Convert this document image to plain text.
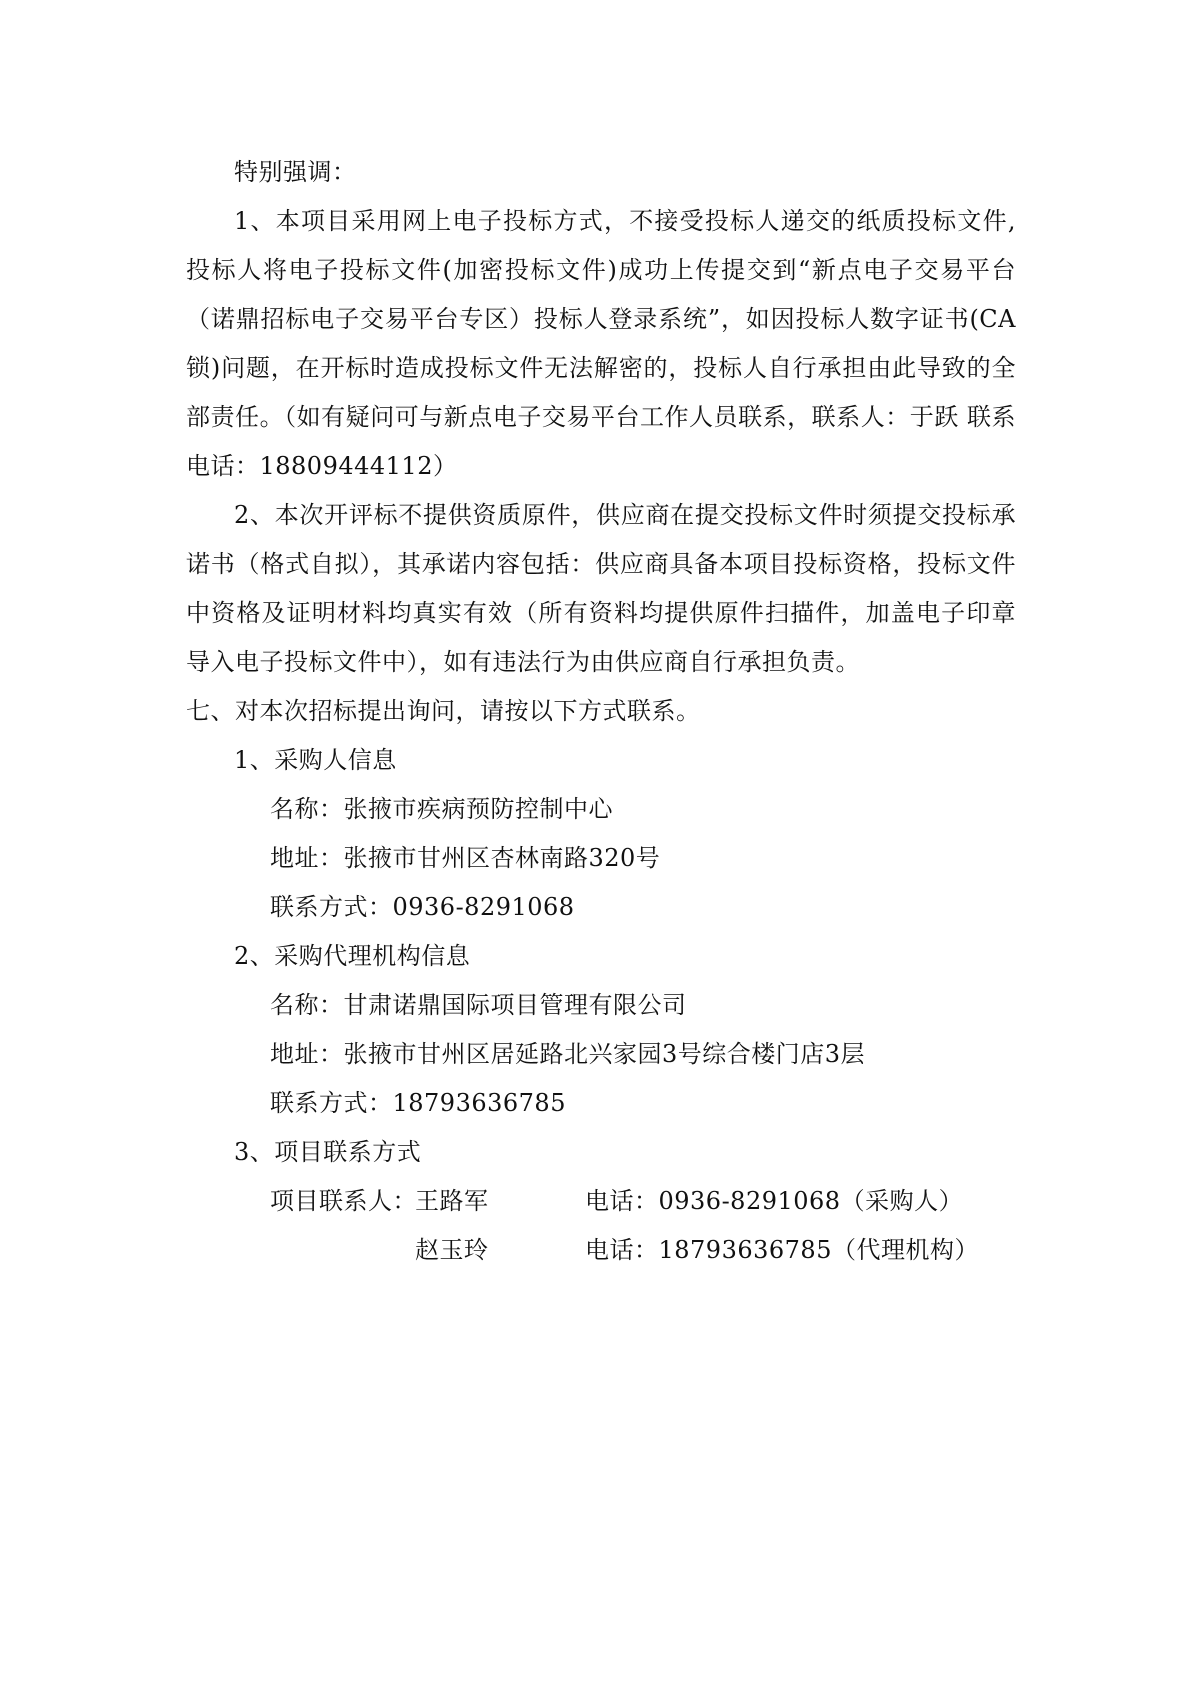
特别强调：

1、本项目采用网上电子投标方式，不接受投标人递交的纸质投标文件,投标人将电子投标文件(加密投标文件)成功上传提交到“新点电子交易平台（诺鼎招标电子交易平台专区）投标人登录系统”，如因投标人数字证书(CA锁)问题，在开标时造成投标文件无法解密的，投标人自行承担由此导致的全部责任。（如有疑问可与新点电子交易平台工作人员联系，联系人：于跃 联系电话：18809444112）

2、本次开评标不提供资质原件，供应商在提交投标文件时须提交投标承诺书（格式自拟），其承诺内容包括：供应商具备本项目投标资格，投标文件中资格及证明材料均真实有效（所有资料均提供原件扫描件，加盖电子印章导入电子投标文件中），如有违法行为由供应商自行承担负责。

七、对本次招标提出询问，请按以下方式联系。

1、采购人信息

名称：张掖市疾病预防控制中心

地址：张掖市甘州区杏林南路320号

联系方式：0936-8291068

2、采购代理机构信息

名称：甘肃诺鼎国际项目管理有限公司

地址：张掖市甘州区居延路北兴家园3号综合楼门店3层

联系方式：18793636785

3、项目联系方式

项目联系人：
王路军	电话：0936-8291068（采购人）
赵玉玲	电话：18793636785（代理机构）
